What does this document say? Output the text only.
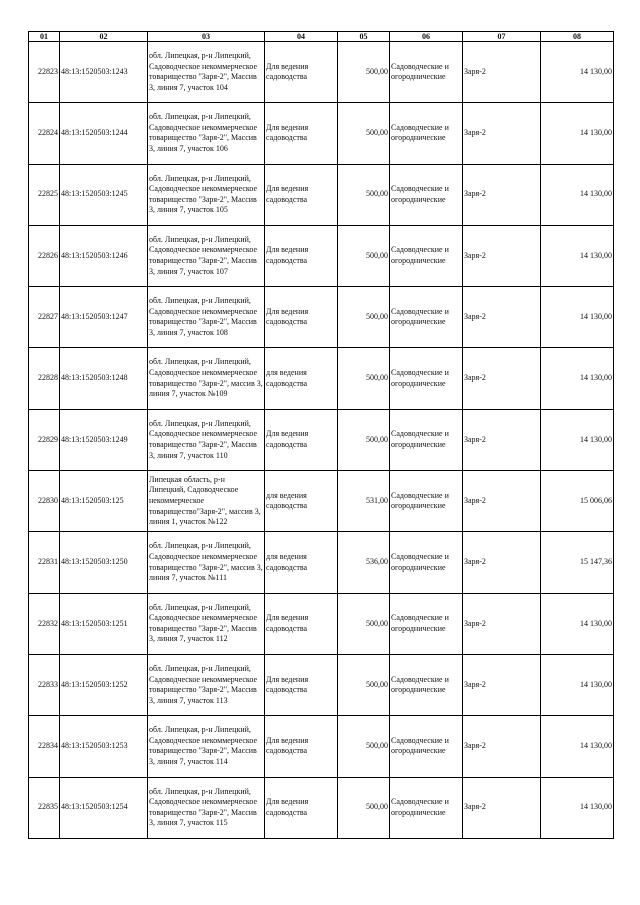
01	02	03	04	05	06	07	08
22823	48:13:1520503:1243	обл. Липецкая, р-н Липецкий, Садоводческое некоммерческое товарищество "Заря-2", Массив 3, линия 7, участок 104	Для ведения садоводства	500,00	Садоводческие и огороднические	Заря-2	14 130,00
22824	48:13:1520503:1244	обл. Липецкая, р-н Липецкий, Садоводческое некоммерческое товарищество "Заря-2", Массив 3, линия 7, участок 106	Для ведения садоводства	500,00	Садоводческие и огороднические	Заря-2	14 130,00
22825	48:13:1520503:1245	обл. Липецкая, р-н Липецкий, Садоводческое некоммерческое товарищество "Заря-2", Массив 3, линия 7, участок 105	Для ведения садоводства	500,00	Садоводческие и огороднические	Заря-2	14 130,00
22826	48:13:1520503:1246	обл. Липецкая, р-н Липецкий, Садоводческое некоммерческое товарищество "Заря-2", Массив 3, линия 7, участок 107	Для ведения садоводства	500,00	Садоводческие и огороднические	Заря-2	14 130,00
22827	48:13:1520503:1247	обл. Липецкая, р-н Липецкий, Садоводческое некоммерческое товарищество "Заря-2", Массив 3, линия 7, участок 108	Для ведения садоводства	500,00	Садоводческие и огороднические	Заря-2	14 130,00
22828	48:13:1520503:1248	обл. Липецкая, р-н Липецкий, Садоводческое некоммерческое товарищество "Заря-2", массив 3, линия 7, участок №109	для ведения садоводства	500,00	Садоводческие и огороднические	Заря-2	14 130,00
22829	48:13:1520503:1249	обл. Липецкая, р-н Липецкий, Садоводческое некоммерческое товарищество "Заря-2", Массив 3, линия 7, участок 110	Для ведения садоводства	500,00	Садоводческие и огороднические	Заря-2	14 130,00
22830	48:13:1520503:125	Липецкая область, р-н Липецкий, Садоводческое некоммерческое товарищество"Заря-2", массив 3, линия 1, участок №122	для ведения садоводства	531,00	Садоводческие и огороднические	Заря-2	15 006,06
22831	48:13:1520503:1250	обл. Липецкая, р-н Липецкий, Садоводческое некоммерческое товарищество "Заря-2", массив 3, линия 7, участок №111	для ведения садоводства	536,00	Садоводческие и огороднические	Заря-2	15 147,36
22832	48:13:1520503:1251	обл. Липецкая, р-н Липецкий, Садоводческое некоммерческое товарищество "Заря-2", Массив 3, линия 7, участок 112	Для ведения садоводства	500,00	Садоводческие и огороднические	Заря-2	14 130,00
22833	48:13:1520503:1252	обл. Липецкая, р-н Липецкий, Садоводческое некоммерческое товарищество "Заря-2", Массив 3, линия 7, участок 113	Для ведения садоводства	500,00	Садоводческие и огороднические	Заря-2	14 130,00
22834	48:13:1520503:1253	обл. Липецкая, р-н Липецкий, Садоводческое некоммерческое товарищество "Заря-2", Массив 3, линия 7, участок 114	Для ведения садоводства	500,00	Садоводческие и огороднические	Заря-2	14 130,00
22835	48:13:1520503:1254	обл. Липецкая, р-н Липецкий, Садоводческое некоммерческое товарищество "Заря-2", Массив 3, линия 7, участок 115	Для ведения садоводства	500,00	Садоводческие и огороднические	Заря-2	14 130,00
